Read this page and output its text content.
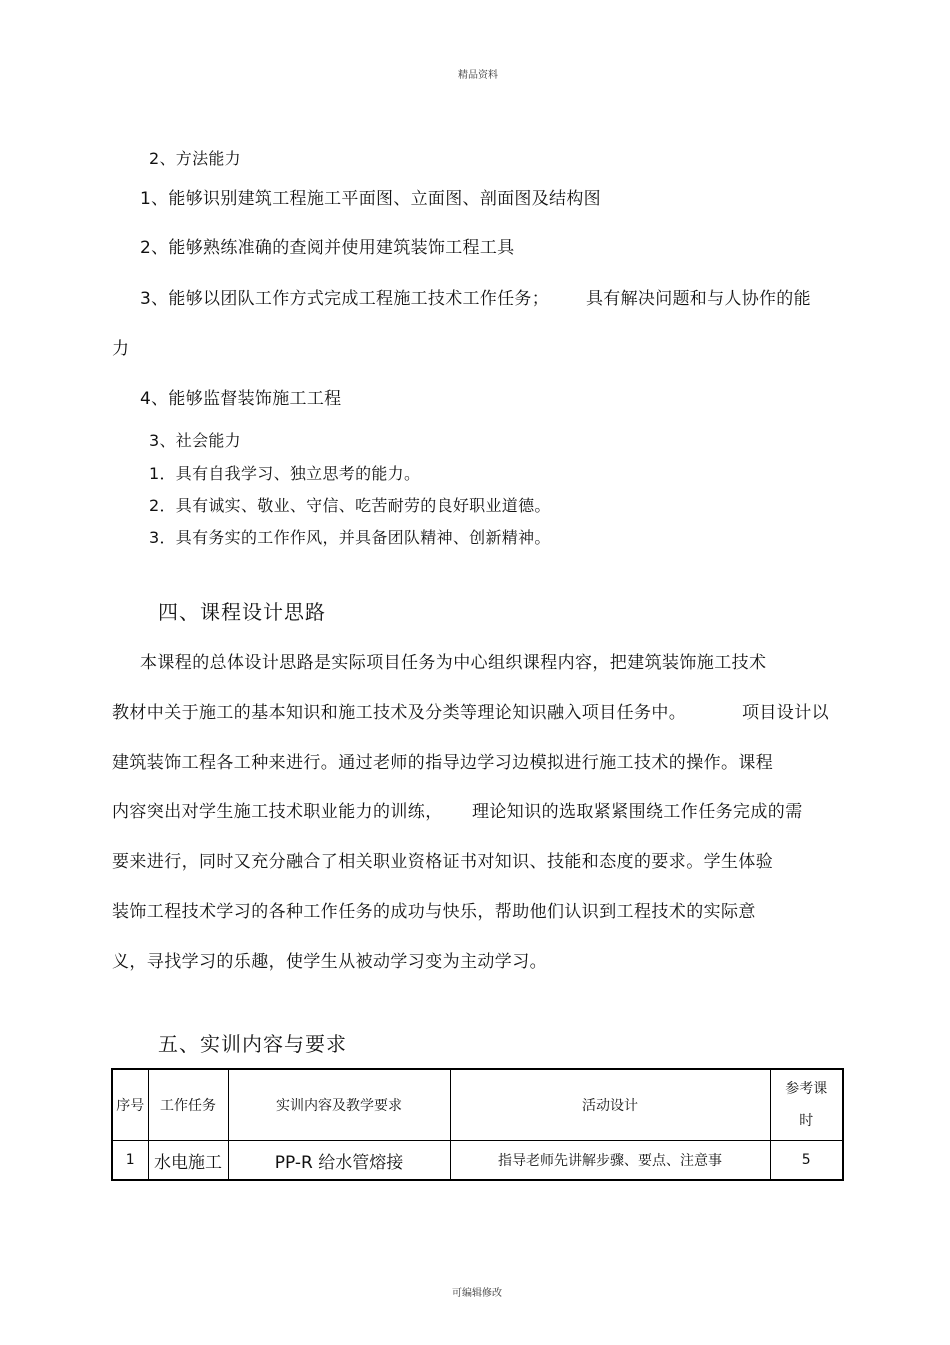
精品资料
2、方法能力
1、能够识别建筑工程施工平面图、立面图、剖面图及结构图
2、能够熟练准确的查阅并使用建筑装饰工程工具
3、能够以团队工作方式完成工程施工技术工作任务； 具有解决问题和与人协作的能
力
4、能够监督装饰施工工程
3、社会能力
1．具有自我学习、独立思考的能力。
2．具有诚实、敬业、守信、吃苦耐劳的良好职业道德。
3．具有务实的工作作风，并具备团队精神、创新精神。
四、课程设计思路
本课程的总体设计思路是实际项目任务为中心组织课程内容，把建筑装饰施工技术
教材中关于施工的基本知识和施工技术及分类等理论知识融入项目任务中。	项目设计以
建筑装饰工程各工种来进行。通过老师的指导边学习边模拟进行施工技术的操作。课程
内容突出对学生施工技术职业能力的训练， 理论知识的选取紧紧围绕工作任务完成的需
要来进行，同时又充分融合了相关职业资格证书对知识、技能和态度的要求。学生体验
装饰工程技术学习的各种工作任务的成功与快乐，帮助他们认识到工程技术的实际意
义，寻找学习的乐趣，使学生从被动学习变为主动学习。
五、实训内容与要求
序号	工作任务	实训内容及教学要求	活动设计	参考课
时

1	水电施工	PP-R 给水管熔接	指导老师先讲解步骤、要点、注意事	5
可编辑修改
